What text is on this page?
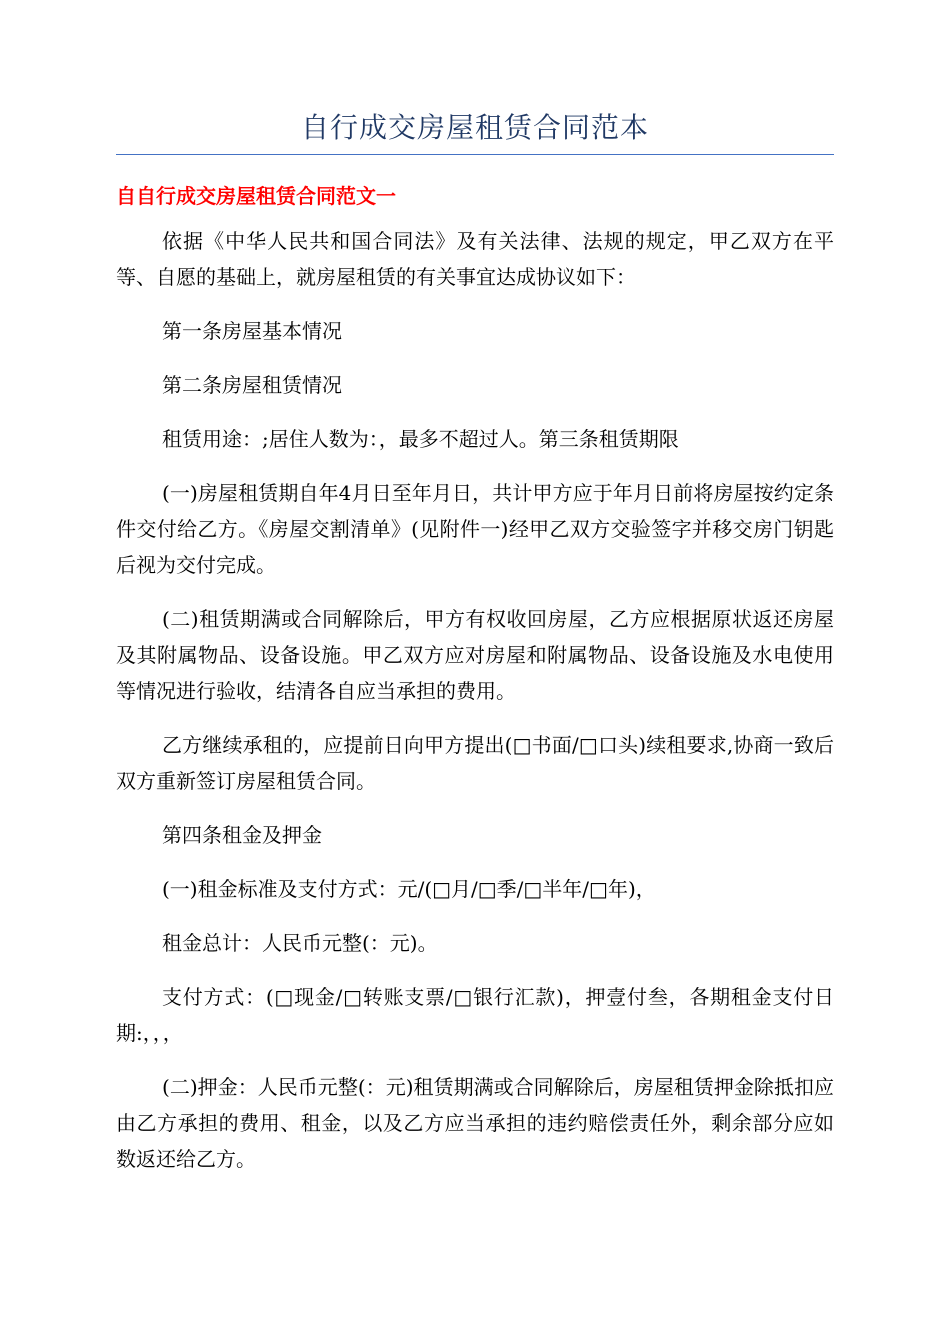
自行成交房屋租赁合同范本
自自行成交房屋租赁合同范文一

依据《中华人民共和国合同法》及有关法律、法规的规定，甲乙双方在平等、自愿的基础上，就房屋租赁的有关事宜达成协议如下：

第一条房屋基本情况

第二条房屋租赁情况

租赁用途：;居住人数为：，最多不超过人。第三条租赁期限

(一)房屋租赁期自年4月日至年月日，共计甲方应于年月日前将房屋按约定条件交付给乙方。《房屋交割清单》(见附件一)经甲乙双方交验签字并移交房门钥匙后视为交付完成。

(二)租赁期满或合同解除后，甲方有权收回房屋，乙方应根据原状返还房屋及其附属物品、设备设施。甲乙双方应对房屋和附属物品、设备设施及水电使用等情况进行验收，结清各自应当承担的费用。

乙方继续承租的，应提前日向甲方提出(□书面/□口头)续租要求,协商一致后双方重新签订房屋租赁合同。

第四条租金及押金

(一)租金标准及支付方式：元/(□月/□季/□半年/□年)，

租金总计：人民币元整(：元)。

支付方式：(□现金/□转账支票/□银行汇款)，押壹付叁，各期租金支付日期:，，，

(二)押金：人民币元整(：元)租赁期满或合同解除后，房屋租赁押金除抵扣应由乙方承担的费用、租金，以及乙方应当承担的违约赔偿责任外，剩余部分应如数返还给乙方。
